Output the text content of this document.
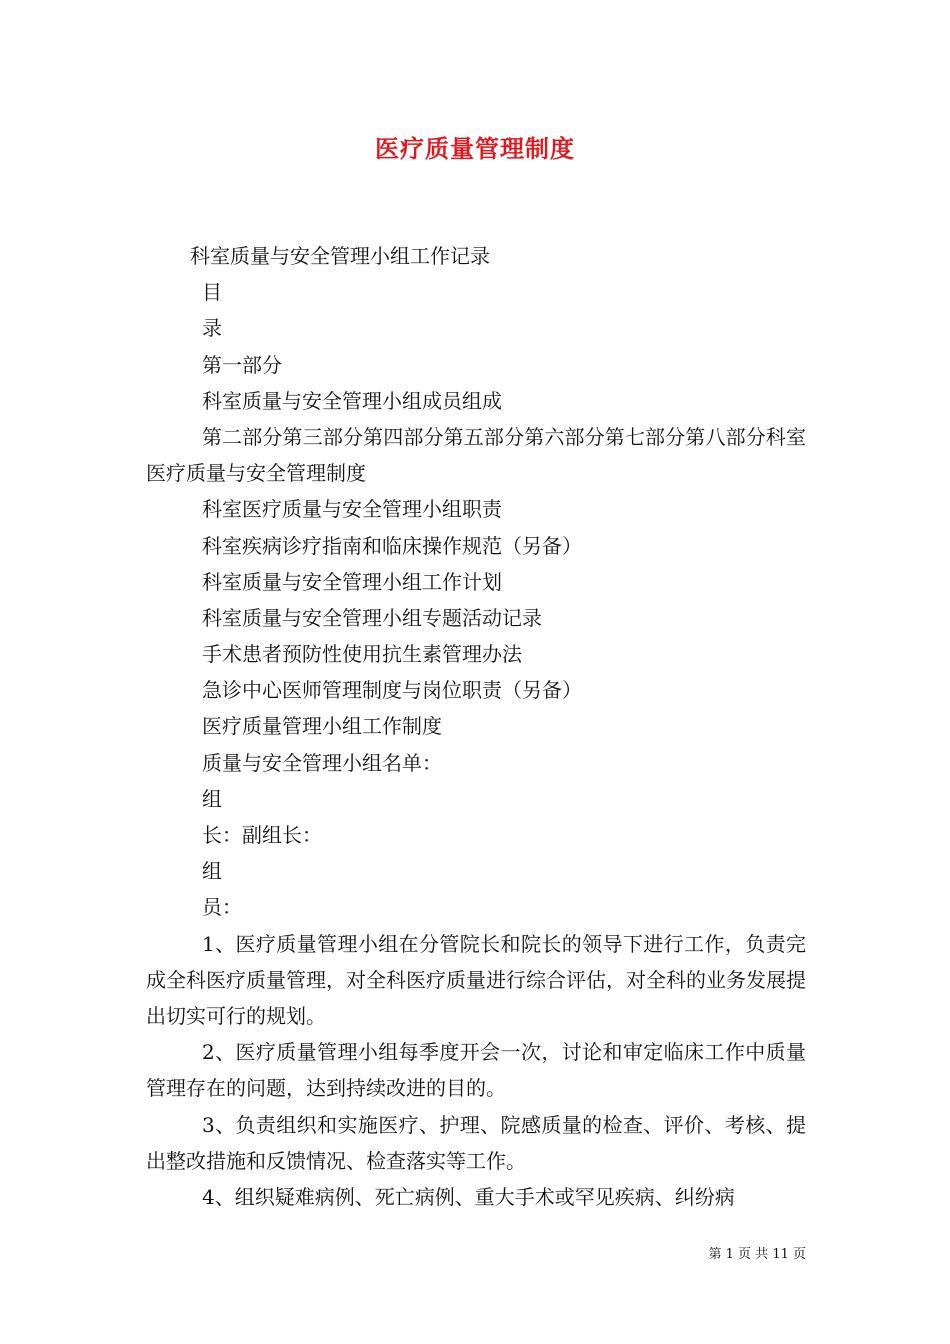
医疗质量管理制度
科室质量与安全管理小组工作记录
目
录
第一部分
科室质量与安全管理小组成员组成
第二部分第三部分第四部分第五部分第六部分第七部分第八部分科室医疗质量与安全管理制度
科室医疗质量与安全管理小组职责
科室疾病诊疗指南和临床操作规范（另备）
科室质量与安全管理小组工作计划
科室质量与安全管理小组专题活动记录
手术患者预防性使用抗生素管理办法
急诊中心医师管理制度与岗位职责（另备）
医疗质量管理小组工作制度
质量与安全管理小组名单：
组
长：副组长：
组
员：
1、医疗质量管理小组在分管院长和院长的领导下进行工作，负责完成全科医疗质量管理，对全科医疗质量进行综合评估，对全科的业务发展提出切实可行的规划。
2、医疗质量管理小组每季度开会一次，讨论和审定临床工作中质量管理存在的问题，达到持续改进的目的。
3、负责组织和实施医疗、护理、院感质量的检查、评价、考核、提出整改措施和反馈情况、检查落实等工作。
4、组织疑难病例、死亡病例、重大手术或罕见疾病、纠纷病
第 1 页 共 11 页
